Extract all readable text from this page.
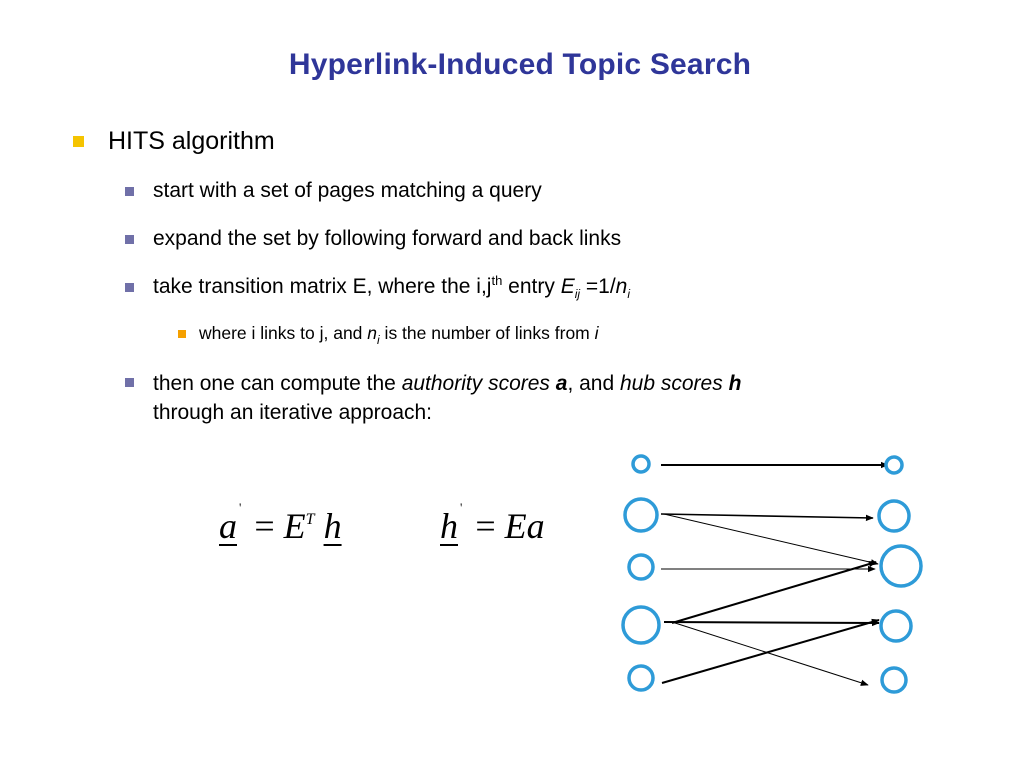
Hyperlink-Induced Topic Search
HITS algorithm
start with a set of pages matching a query
expand the set by following forward and back links
take transition matrix E, where the $i,j^{th}$ entry $E_{ij} =1/n_i$
where i links to j, and $n_i$ is the number of links from i
then one can compute the authority scores a, and hub scores h
through an iterative approach:
a $' = E^T$ h	h ' = Ea
